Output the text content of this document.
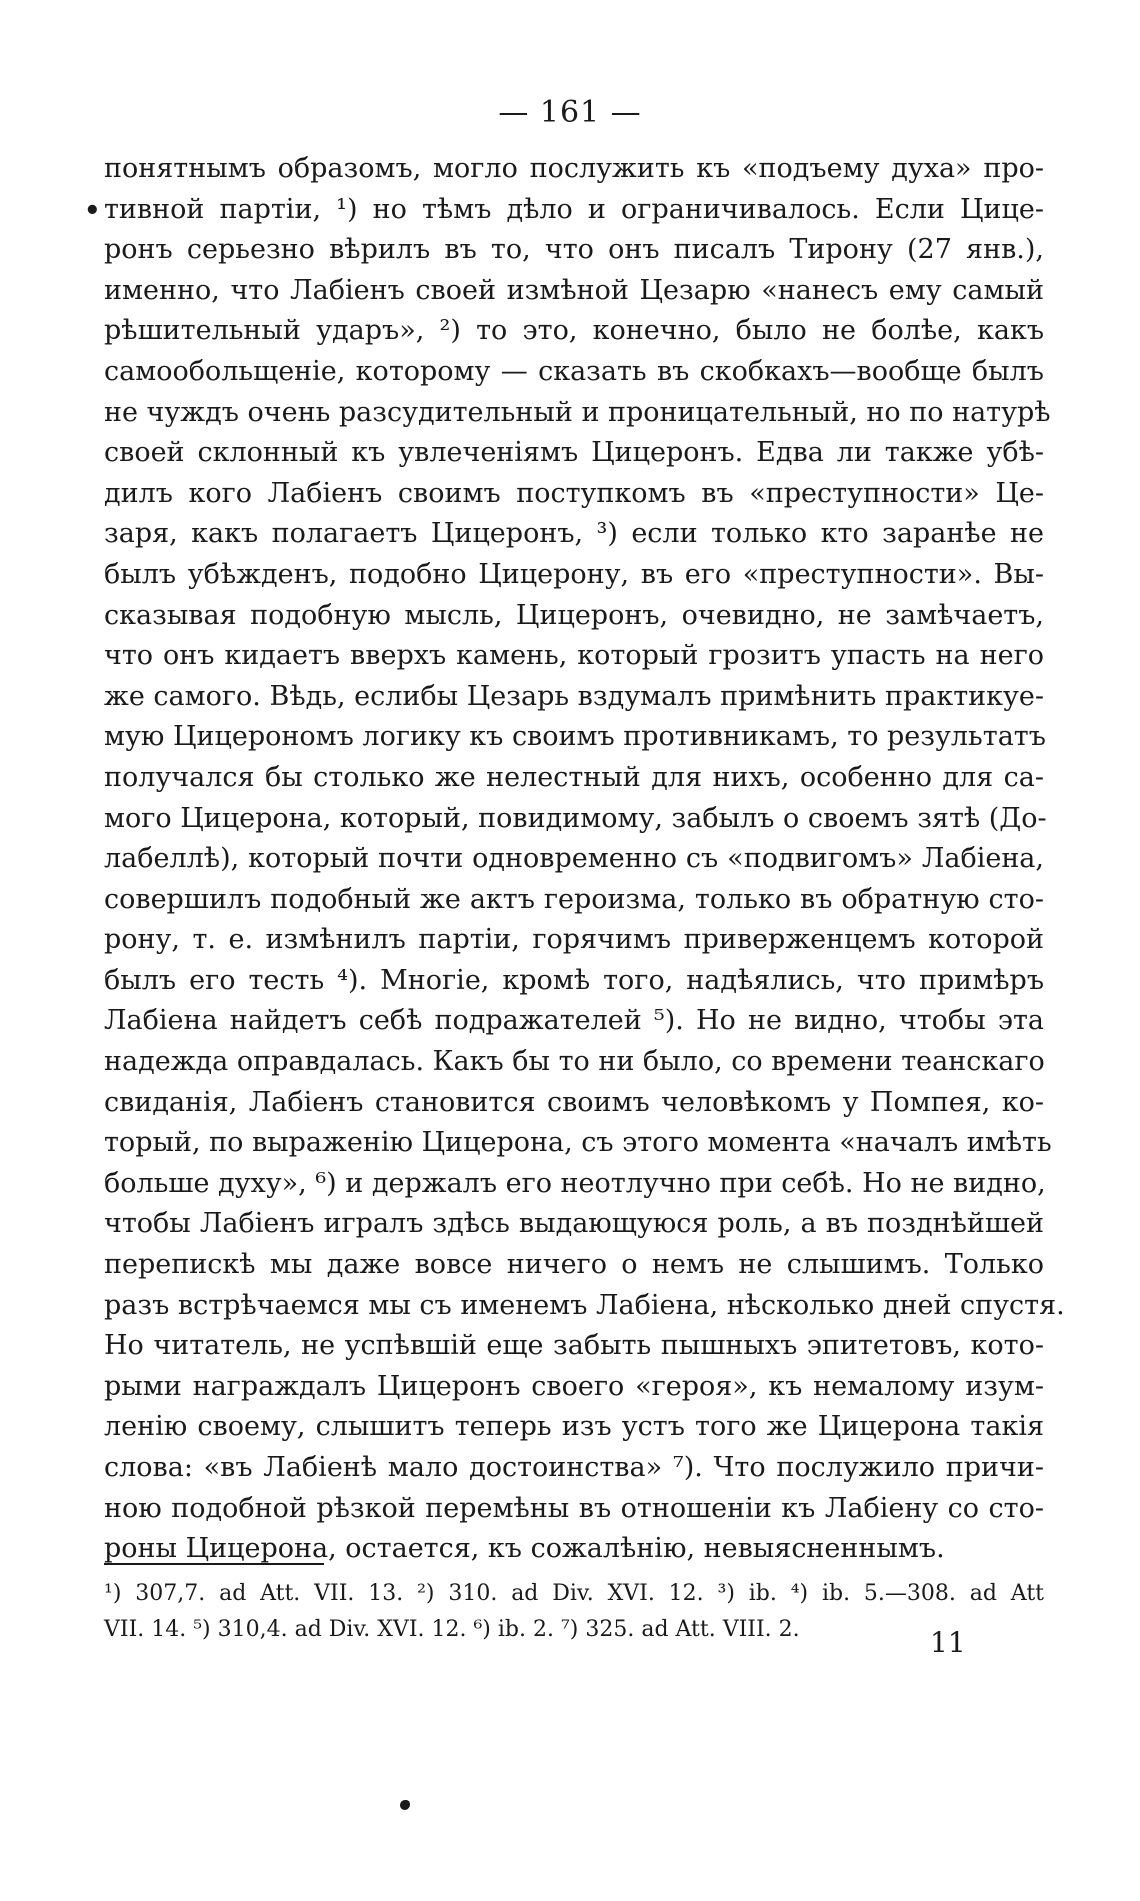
— 161 —
•
понятнымъ образомъ, могло послужить къ «подъему духа» про-
тивной партіи, ¹) но тѣмъ дѣло и ограничивалось. Если Цице-
ронъ серьезно вѣрилъ въ то, что онъ писалъ Тирону (27 янв.),
именно, что Лабіенъ своей измѣной Цезарю «нанесъ ему самый
рѣшительный ударъ», ²) то это, конечно, было не болѣе, какъ
самообольщеніе, которому — сказать въ скобкахъ—вообще былъ
не чуждъ очень разсудительный и проницательный, но по натурѣ
своей склонный къ увлеченіямъ Цицеронъ. Едва ли также убѣ-
дилъ кого Лабіенъ своимъ поступкомъ въ «преступности» Це-
заря, какъ полагаетъ Цицеронъ, ³) если только кто заранѣе не
былъ убѣжденъ, подобно Цицерону, въ его «преступности». Вы-
сказывая подобную мысль, Цицеронъ, очевидно, не замѣчаетъ,
что онъ кидаетъ вверхъ камень, который грозитъ упасть на него
же самого. Вѣдь, еслибы Цезарь вздумалъ примѣнить практикуе-
мую Цицерономъ логику къ своимъ противникамъ, то результатъ
получался бы столько же нелестный для нихъ, особенно для са-
мого Цицерона, который, повидимому, забылъ о своемъ зятѣ (До-
лабеллѣ), который почти одновременно съ «подвигомъ» Лабіена,
совершилъ подобный же актъ героизма, только въ обратную сто-
рону, т. е. измѣнилъ партіи, горячимъ приверженцемъ которой
былъ его тесть ⁴). Многіе, кромѣ того, надѣялись, что примѣръ
Лабіена найдетъ себѣ подражателей ⁵). Но не видно, чтобы эта
надежда оправдалась. Какъ бы то ни было, со времени теанскаго
свиданія, Лабіенъ становится своимъ человѣкомъ у Помпея, ко-
торый, по выраженію Цицерона, съ этого момента «началъ имѣть
больше духу», ⁶) и держалъ его неотлучно при себѣ. Но не видно,
чтобы Лабіенъ игралъ здѣсь выдающуюся роль, а въ позднѣйшей
перепискѣ мы даже вовсе ничего о немъ не слышимъ. Только
разъ встрѣчаемся мы съ именемъ Лабіена, нѣсколько дней спустя.
Но читатель, не успѣвшій еще забыть пышныхъ эпитетовъ, кото-
рыми награждалъ Цицеронъ своего «героя», къ немалому изум-
ленію своему, слышитъ теперь изъ устъ того же Цицерона такія
слова: «въ Лабіенѣ мало достоинства» ⁷). Что послужило причи-
ною подобной рѣзкой перемѣны въ отношеніи къ Лабіену со сто-
роны Цицерона, остается, къ сожалѣнію, невыясненнымъ.
¹) 307,7. ad Att. VII. 13. ²) 310. ad Div. XVI. 12. ³) ib. ⁴) ib. 5.—308. ad Att
VII. 14. ⁵) 310,4. ad Div. XVI. 12. ⁶) ib. 2. ⁷) 325. ad Att. VIII. 2.	11
